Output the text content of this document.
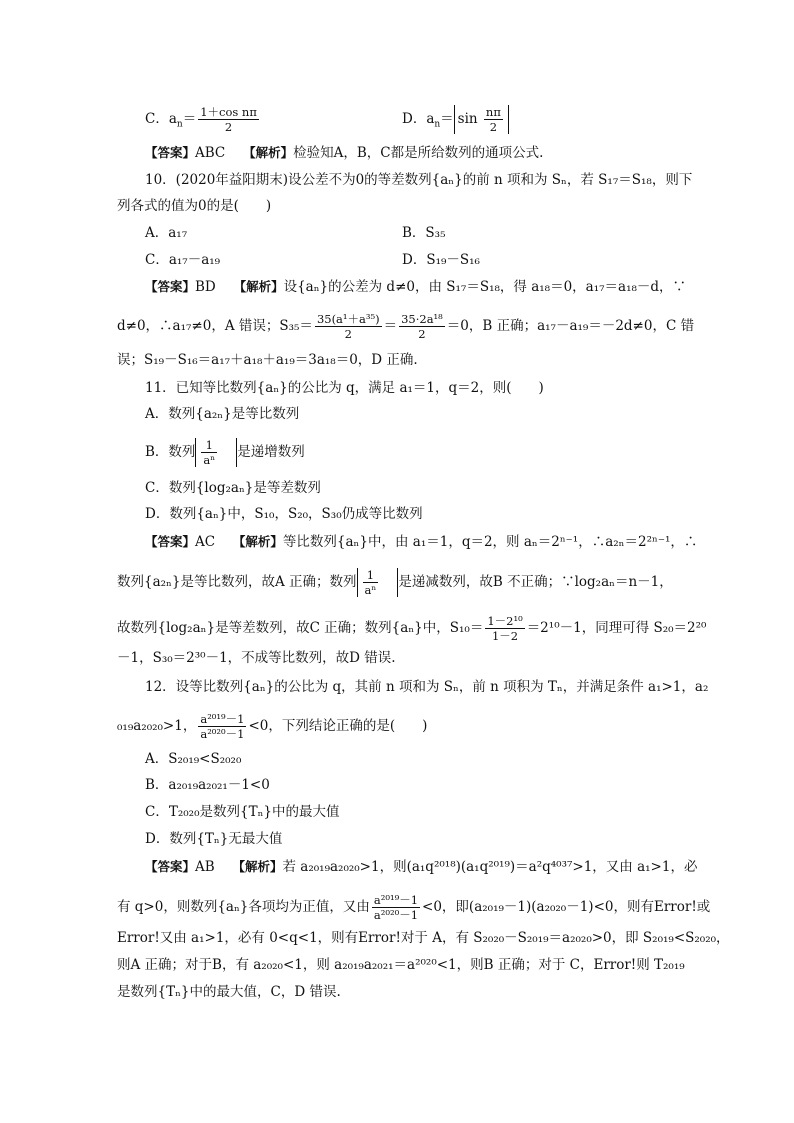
C．$a_n= \frac{\text{1＋cos nπ}}{2}$	D．$a_n= \sin \frac{n\pi}{2}$
【答案】ABC　 【解析】检验知A，B，C都是所给数列的通项公式.
10．(2020年益阳期末)设公差不为0的等差数列{aₙ}的前 n 项和为 Sₙ，若 S₁₇＝S₁₈，则下
列各式的值为0的是(　　)
A．a₁₇	B．S₃₅
C．a₁₇－a₁₉	D．S₁₉－S₁₆
【答案】BD　 【解析】设{aₙ}的公差为 d≠0，由 S₁₇＝S₁₈，得 a₁₈＝0，a₁₇＝a₁₈－d，∵
d≠0，∴a₁₇≠0，A 错误；$S_{35}= \frac{\text{35(a¹＋a³⁵)}}{2} = \frac{\text{35·2a¹⁸}}{2} =0$，B 正确；a₁₇－a₁₉＝－2d≠0，C 错
误；S₁₉－S₁₆＝a₁₇＋a₁₈＋a₁₉＝3a₁₈＝0，D 正确.
11．已知等比数列{aₙ}的公比为 q，满足 a₁＝1，q＝2，则(　　)
A．数列{a₂ₙ}是等比数列
B．数列 $\frac{1}{\text{aⁿ}}$ 是递增数列
C．数列{log₂aₙ}是等差数列
D．数列{aₙ}中，S₁₀，S₂₀，S₃₀仍成等比数列
【答案】AC　 【解析】等比数列{aₙ}中，由 a₁＝1，q＝2，则 aₙ＝2ⁿ⁻¹，∴a₂ₙ＝2²ⁿ⁻¹，∴
数列{a₂ₙ}是等比数列，故A 正确；数列 $\frac{1}{\text{aⁿ}}$ 是递减数列，故B 不正确；∵log₂aₙ＝n－1，
故数列{log₂aₙ}是等差数列，故C 正确；数列{aₙ}中，$S_{10}= \frac{\text{1－2¹⁰}}{1-2} =2^{10}-1$，同理可得 S₂₀＝2²⁰
－1，S₃₀＝2³⁰－1，不成等比数列，故D 错误.
12．设等比数列{aₙ}的公比为 q，其前 n 项和为 Sₙ，前 n 项积为 Tₙ，并满足条件 a₁>1，a₂
₀₁₉a₂₀₂₀>1， $\frac{\text{a²⁰¹⁹－1}}{\text{a²⁰²⁰－1}} <0$，下列结论正确的是(　　)
A．S₂₀₁₉<S₂₀₂₀
B．a₂₀₁₉a₂₀₂₁－1<0
C．T₂₀₂₀是数列{Tₙ}中的最大值
D．数列{Tₙ}无最大值
【答案】AB　 【解析】若 a₂₀₁₉a₂₀₂₀>1，则(a₁q²⁰¹⁸)(a₁q²⁰¹⁹)＝a²q⁴⁰³⁷>1，又由 a₁>1，必
有 q>0，则数列{aₙ}各项均为正值，又由 $\frac{\text{a²⁰¹⁹－1}}{\text{a²⁰²⁰－1}} <0$，即(a₂₀₁₉－1)(a₂₀₂₀－1)<0，则有Error!或
Error!又由 a₁>1，必有 0<q<1，则有Error!对于 A，有 S₂₀₂₀－S₂₀₁₉＝a₂₀₂₀>0，即 S₂₀₁₉<S₂₀₂₀，
则A 正确；对于B，有 a₂₀₂₀<1，则 a₂₀₁₉a₂₀₂₁＝a²⁰²⁰<1，则B 正确；对于 C，Error!则 T₂₀₁₉
是数列{Tₙ}中的最大值，C，D 错误.
